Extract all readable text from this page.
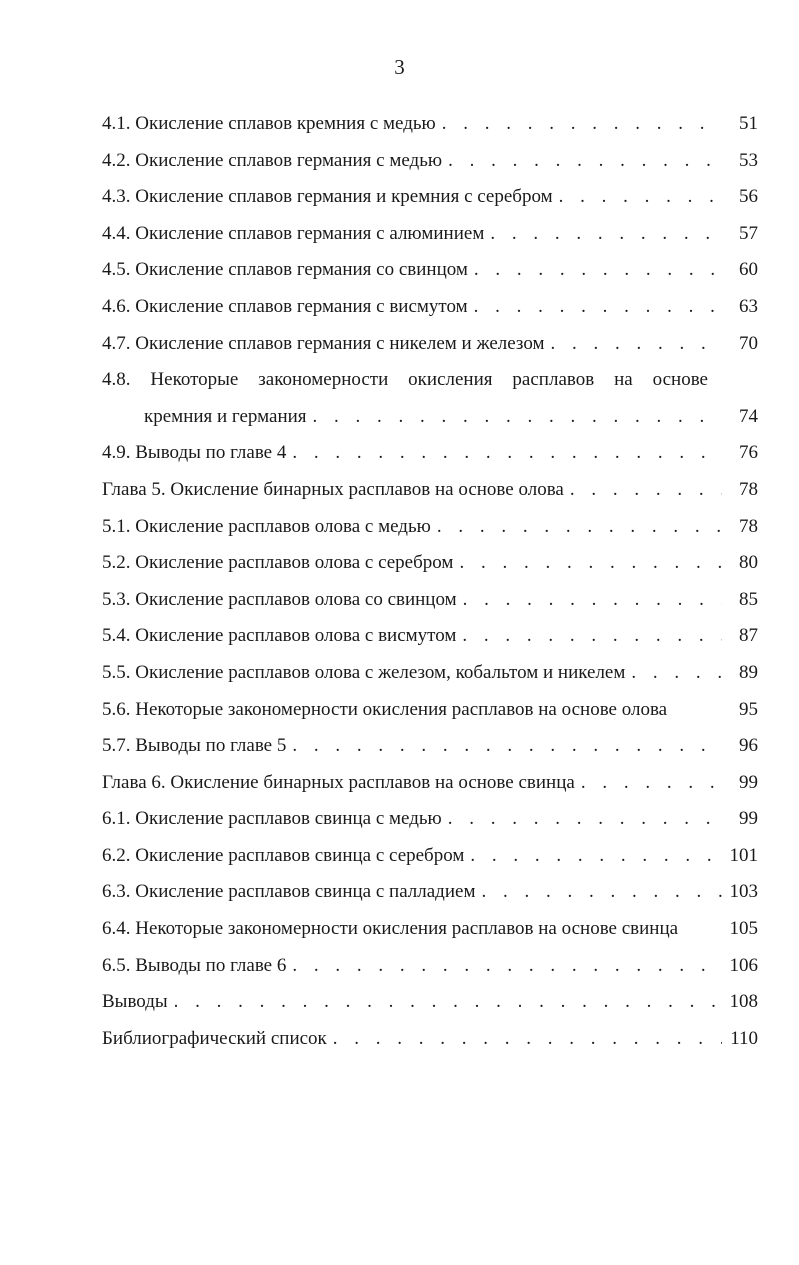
3
4.1. Окисление сплавов кремния с медью . . .	51
4.2. Окисление сплавов германия с медью . . .	53
4.3. Окисление сплавов германия и кремния с серебром . . .	56
4.4. Окисление сплавов германия с алюминием . . .	57
4.5. Окисление сплавов германия со свинцом . . .	60
4.6. Окисление сплавов германия с висмутом . . .	63
4.7. Окисление сплавов германия с никелем и железом . . .	70
4.8. Некоторые закономерности окисления расплавов на основе
кремния и германия . . .	74
4.9. Выводы по главе 4 . . .	76
Глава 5. Окисление бинарных расплавов на основе олова . . .	78
5.1. Окисление расплавов олова с медью . . .	78
5.2. Окисление расплавов олова с серебром . . .	80
5.3. Окисление расплавов олова со свинцом . . .	85
5.4. Окисление расплавов олова с висмутом . . .	87
5.5. Окисление расплавов олова с железом, кобальтом и никелем . . .	89
5.6. Некоторые закономерности окисления расплавов на основе олова	95
5.7. Выводы по главе 5 . . .	96
Глава 6. Окисление бинарных расплавов на основе свинца . . .	99
6.1. Окисление расплавов свинца с медью . . .	99
6.2. Окисление расплавов свинца с серебром . . .	101
6.3. Окисление расплавов свинца с палладием . . .	103
6.4. Некоторые закономерности окисления расплавов на основе свинца	105
6.5. Выводы по главе 6 . . .	106
Выводы . . .	108
Библиографический список . . .	110
